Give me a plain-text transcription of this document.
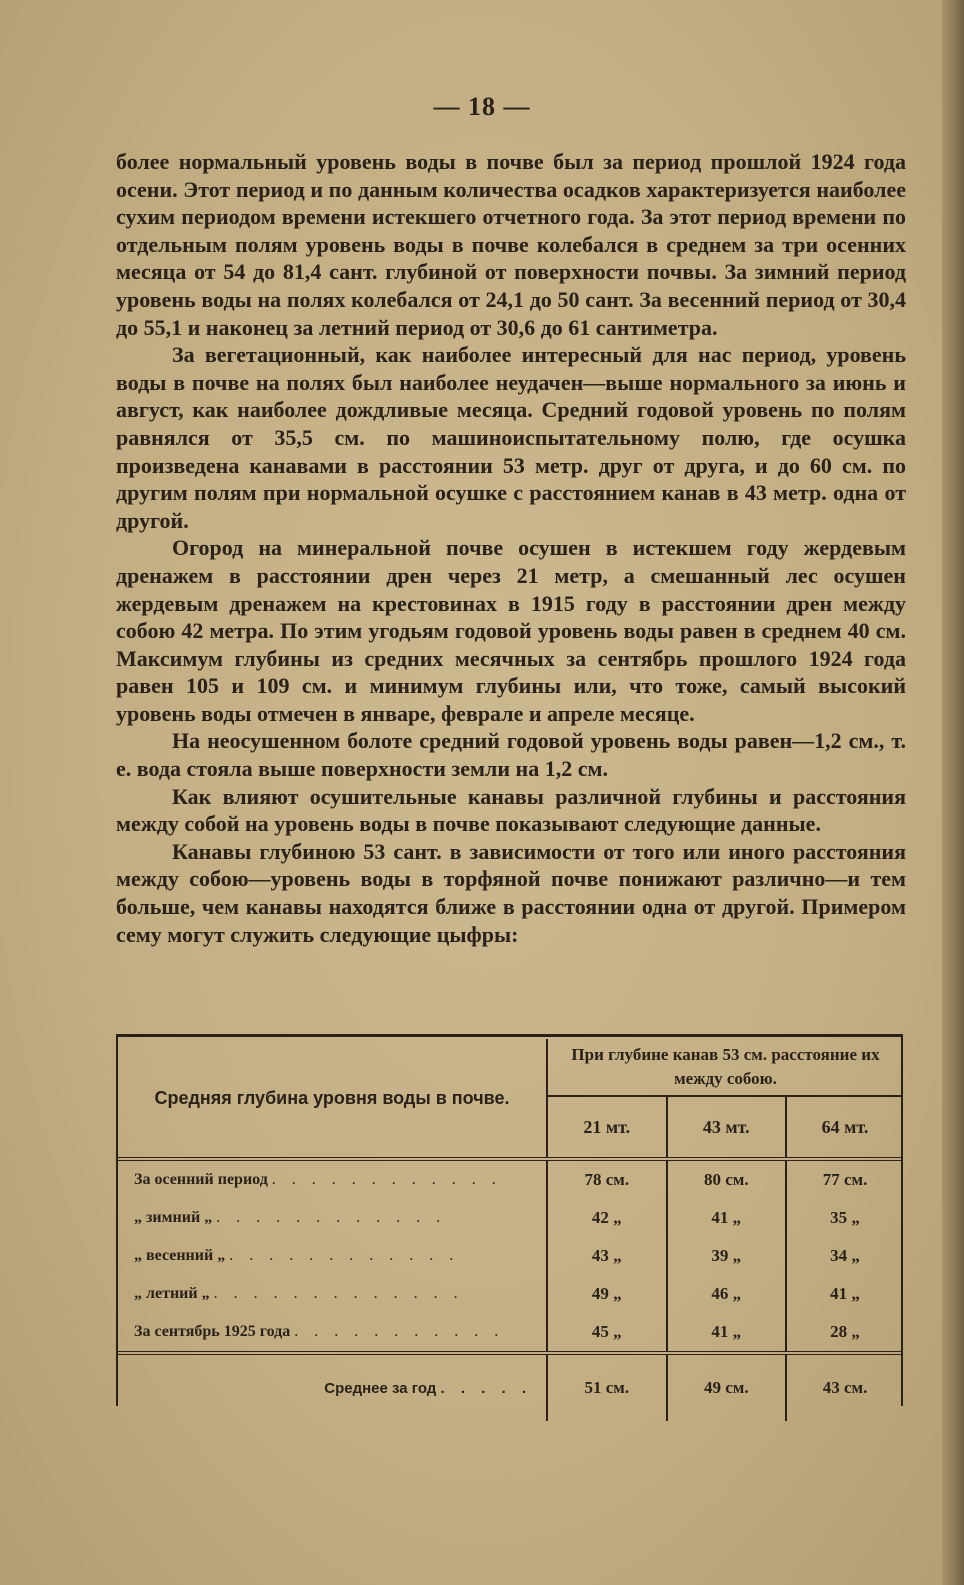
— 18 —

более нормальный уровень воды в почве был за период прошлой 1924 года осени. Этот период и по данным количества осадков характеризуется наиболее сухим периодом времени истекшего отчетного года. За этот период времени по отдельным полям уровень воды в почве колебался в среднем за три осенних месяца от 54 до 81,4 сант. глубиной от поверхности почвы. За зимний период уровень воды на полях колебался от 24,1 до 50 сант. За весенний период от 30,4 до 55,1 и наконец за летний период от 30,6 до 61 сантиметра.

За вегетационный, как наиболее интересный для нас период, уровень воды в почве на полях был наиболее неудачен—выше нормального за июнь и август, как наиболее дождливые месяца. Средний годовой уровень по полям равнялся от 35,5 см. по машиноиспытательному полю, где осушка произведена канавами в расстоянии 53 метр. друг от друга, и до 60 см. по другим полям при нормальной осушке с расстоянием канав в 43 метр. одна от другой.

Огород на минеральной почве осушен в истекшем году жердевым дренажем в расстоянии дрен через 21 метр, а смешанный лес осушен жердевым дренажем на крестовинах в 1915 году в расстоянии дрен между собою 42 метра. По этим угодьям годовой уровень воды равен в среднем 40 см. Максимум глубины из средних месячных за сентябрь прошлого 1924 года равен 105 и 109 см. и минимум глубины или, что тоже, самый высокий уровень воды отмечен в январе, феврале и апреле месяце.

На неосушенном болоте средний годовой уровень воды равен—1,2 см., т. е. вода стояла выше поверхности земли на 1,2 см.

Как влияют осушительные канавы различной глубины и расстояния между собой на уровень воды в почве показывают следующие данные.

Канавы глубиною 53 сант. в зависимости от того или иного расстояния между собою—уровень воды в торфяной почве понижают различно—и тем больше, чем канавы находятся ближе в расстоянии одна от другой. Примером сему могут служить следующие цыфры:

Средняя глубина уровня воды в почве.	При глубине канав 53 см. расстояние их между собою.		
	21 мт.	43 мт.	64 мт.

За осенний период . . . . . . . . . . . .	78 см.	80 см.	77 см.
„ зимний „ . . . . . . . . . . . .	42 „	41 „	35 „
„ весенний „ . . . . . . . . . . . .	43 „	39 „	34 „
„ летний „ . . . . . . . . . . . . .	49 „	46 „	41 „
За сентябрь 1925 года . . . . . . . . . . .	45 „	41 „	28 „

Среднее за год . . . . .	51 см.	49 см.	43 см.
